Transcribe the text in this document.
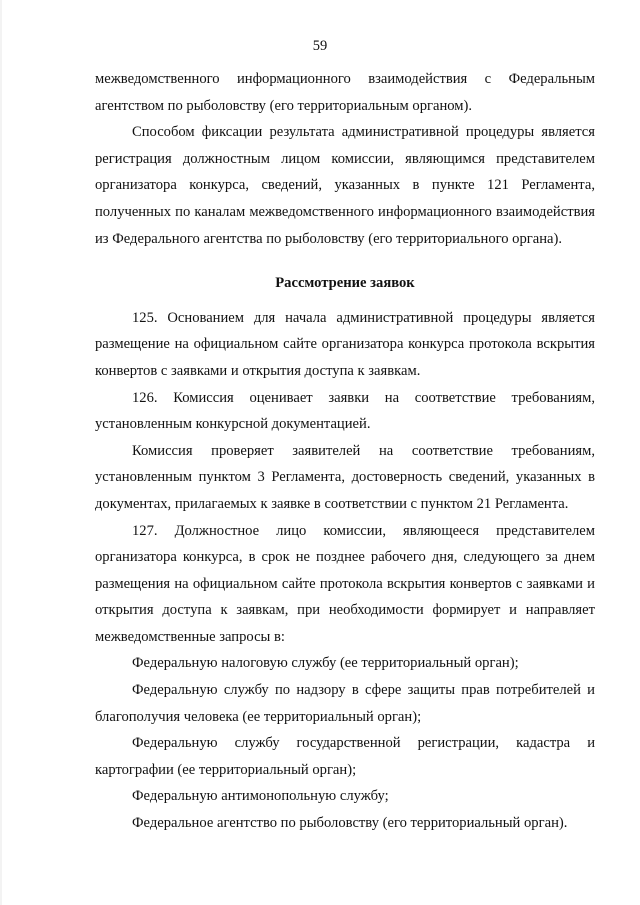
59

межведомственного информационного взаимодействия с Федеральным агентством по рыболовству (его территориальным органом).

Способом фиксации результата административной процедуры является регистрация должностным лицом комиссии, являющимся представителем организатора конкурса, сведений, указанных в пункте 121 Регламента, полученных по каналам межведомственного информационного взаимодействия из Федерального агентства по рыболовству (его территориального органа).

Рассмотрение заявок

125. Основанием для начала административной процедуры является размещение на официальном сайте организатора конкурса протокола вскрытия конвертов с заявками и открытия доступа к заявкам.

126. Комиссия оценивает заявки на соответствие требованиям, установленным конкурсной документацией.

Комиссия проверяет заявителей на соответствие требованиям, установленным пунктом 3 Регламента, достоверность сведений, указанных в документах, прилагаемых к заявке в соответствии с пунктом 21 Регламента.

127. Должностное лицо комиссии, являющееся представителем организатора конкурса, в срок не позднее рабочего дня, следующего за днем размещения на официальном сайте протокола вскрытия конвертов с заявками и открытия доступа к заявкам, при необходимости формирует и направляет межведомственные запросы в:

Федеральную налоговую службу (ее территориальный орган);

Федеральную службу по надзору в сфере защиты прав потребителей и благополучия человека (ее территориальный орган);

Федеральную службу государственной регистрации, кадастра и картографии (ее территориальный орган);

Федеральную антимонопольную службу;

Федеральное агентство по рыболовству (его территориальный орган).
